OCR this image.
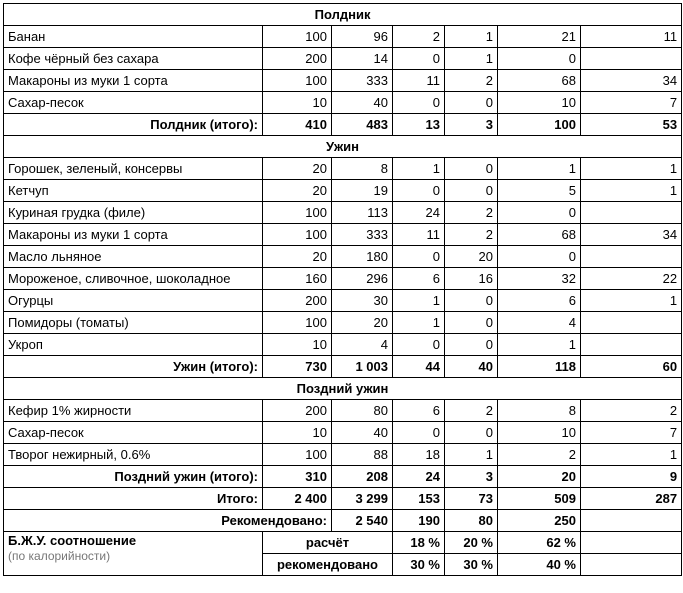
Полдник						
Банан	100	96	2	1	21	11
Кофе чёрный без сахара	200	14	0	1	0	
Макароны из муки 1 сорта	100	333	11	2	68	34
Сахар-песок	10	40	0	0	10	7
Полдник (итого):	410	483	13	3	100	53
Ужин						
Горошек, зеленый, консервы	20	8	1	0	1	1
Кетчуп	20	19	0	0	5	1
Куриная грудка (филе)	100	113	24	2	0	
Макароны из муки 1 сорта	100	333	11	2	68	34
Масло льняное	20	180	0	20	0	
Мороженое, сливочное, шоколадное	160	296	6	16	32	22
Огурцы	200	30	1	0	6	1
Помидоры (томаты)	100	20	1	0	4	
Укроп	10	4	0	0	1	
Ужин (итого):	730	1 003	44	40	118	60
Поздний ужин						
Кефир 1% жирности	200	80	6	2	8	2
Сахар-песок	10	40	0	0	10	7
Творог нежирный, 0.6%	100	88	18	1	2	1
Поздний ужин (итого):	310	208	24	3	20	9
Итого:	2 400	3 299	153	73	509	287
Рекомендовано:		2 540	190	80	250	

Б.Ж.У. соотношение
(по калорийности)	расчёт		18 %	20 %	62 %	
	рекомендовано		30 %	30 %	40 %	
